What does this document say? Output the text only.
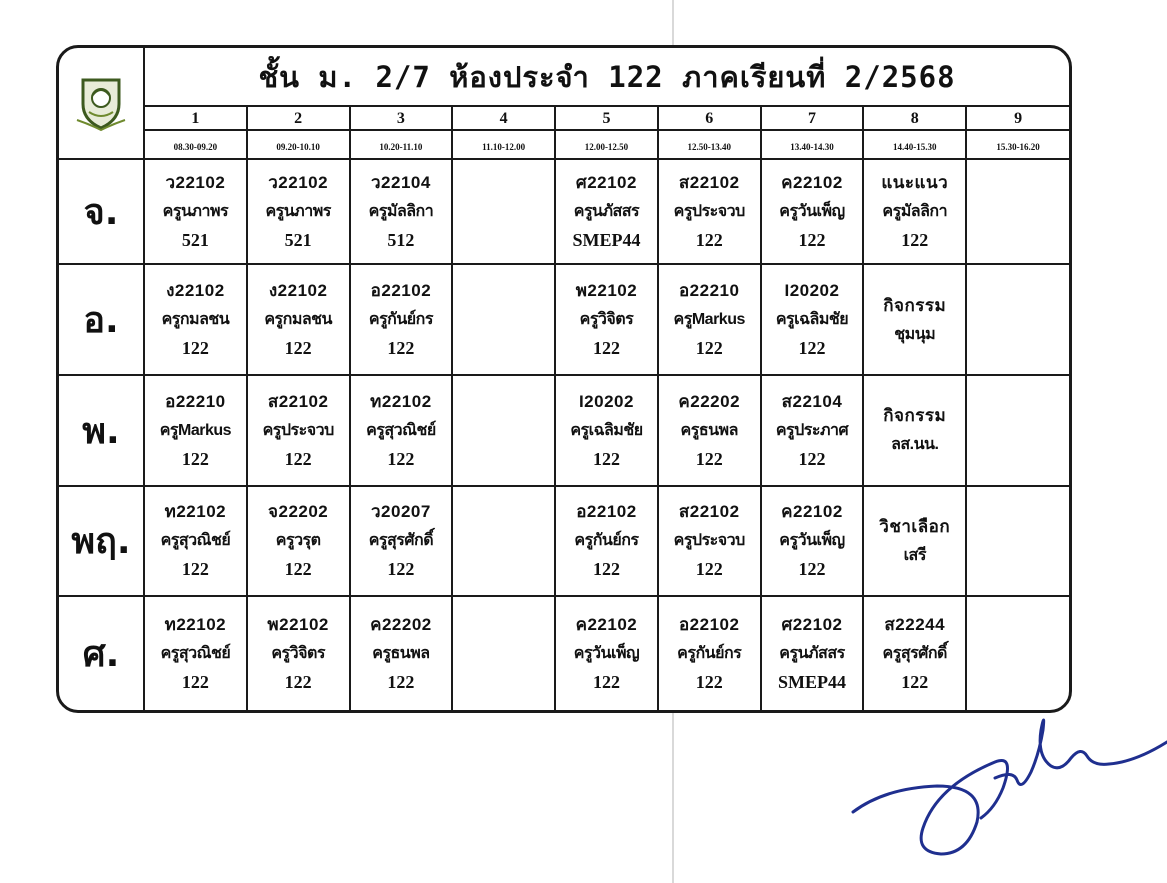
	ชั้น ม. 2/7 ห้องประจำ 122 ภาคเรียนที่ 2/2568								
	1	2	3	4	5	6	7	8	9
	08.30-09.20	09.20-10.10	10.20-11.10	11.10-12.00	12.00-12.50	12.50-13.40	13.40-14.30	14.40-15.30	15.30-16.20
จ.	ว22102
ครูนภาพร
521	ว22102
ครูนภาพร
521	ว22104
ครูมัลลิกา
512		ศ22102
ครูนภัสสร
SMEP44	ส22102
ครูประจวบ
122	ค22102
ครูวันเพ็ญ
122	แนะแนว
ครูมัลลิกา
122	

อ.	ง22102
ครูกมลชน
122	ง22102
ครูกมลชน
122	อ22102
ครูกันย์กร
122		พ22102
ครูวิจิตร
122	อ22210
ครูMarkus
122	I20202
ครูเฉลิมชัย
122	กิจกรรม
ชุมนุม	

พ.	อ22210
ครูMarkus
122	ส22102
ครูประจวบ
122	ท22102
ครูสุวณิชย์
122		I20202
ครูเฉลิมชัย
122	ค22202
ครูธนพล
122	ส22104
ครูประภาศ
122	กิจกรรม
ลส.นน.	

พฤ.	ท22102
ครูสุวณิชย์
122	จ22202
ครูวรุต
122	ว20207
ครูสุรศักดิ์
122		อ22102
ครูกันย์กร
122	ส22102
ครูประจวบ
122	ค22102
ครูวันเพ็ญ
122	วิชาเลือก
เสรี	

ศ.	ท22102
ครูสุวณิชย์
122	พ22102
ครูวิจิตร
122	ค22202
ครูธนพล
122		ค22102
ครูวันเพ็ญ
122	อ22102
ครูกันย์กร
122	ศ22102
ครูนภัสสร
SMEP44	ส22244
ครูสุรศักดิ์
122	
